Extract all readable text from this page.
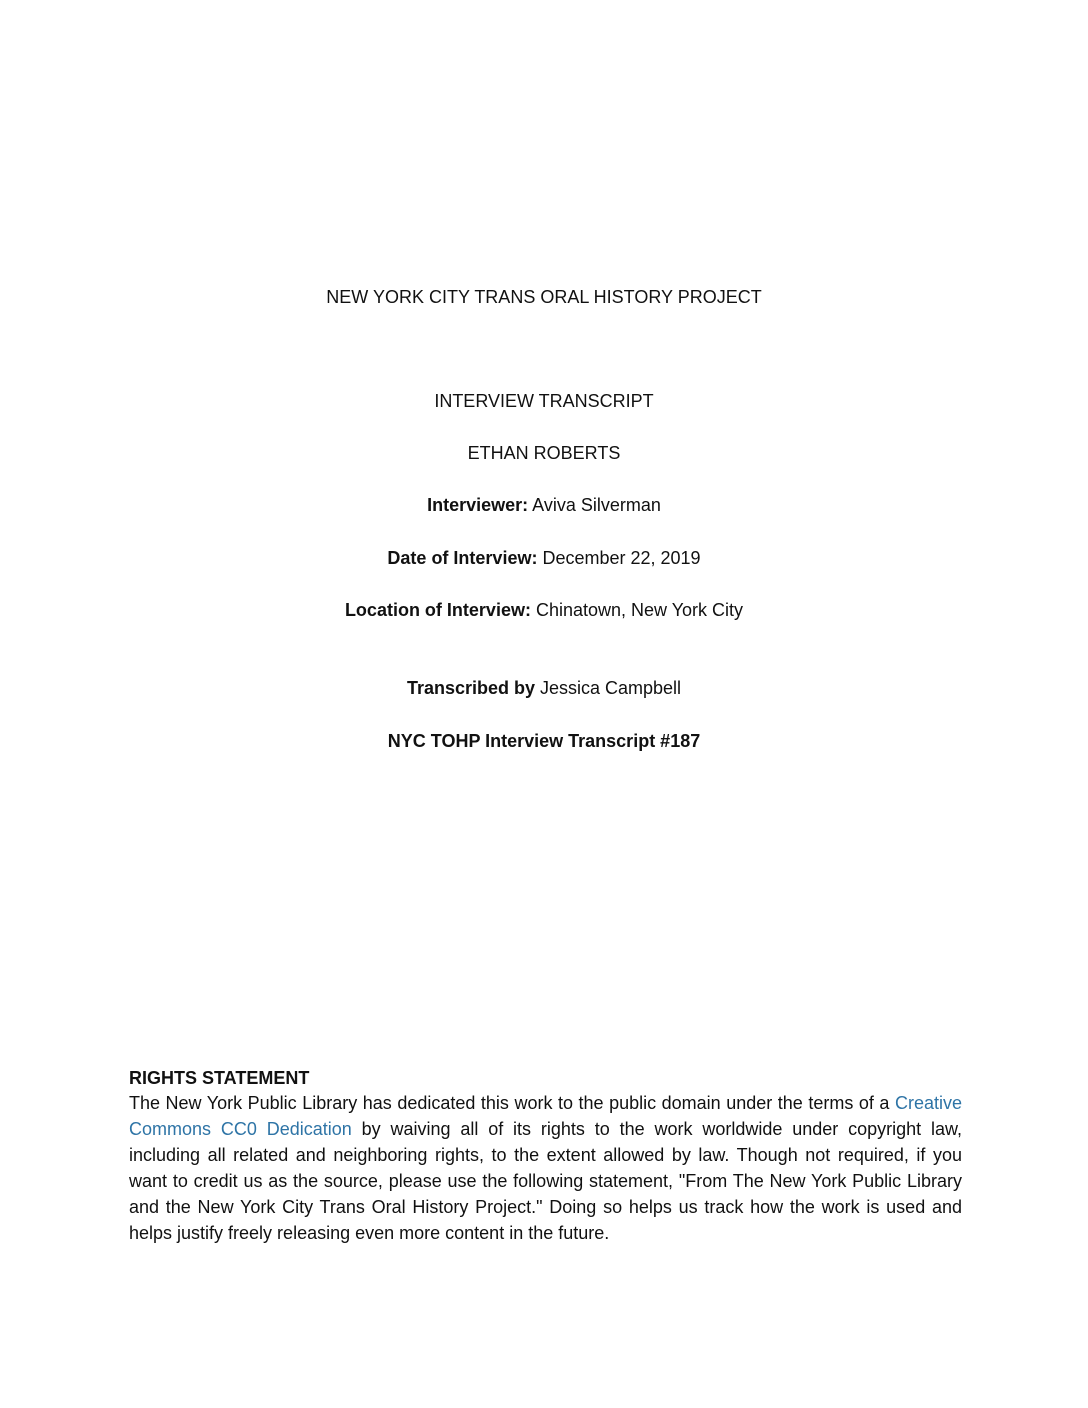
NEW YORK CITY TRANS ORAL HISTORY PROJECT
INTERVIEW TRANSCRIPT
ETHAN ROBERTS
Interviewer: Aviva Silverman
Date of Interview: December 22, 2019
Location of Interview: Chinatown, New York City
Transcribed by Jessica Campbell
NYC TOHP Interview Transcript #187
RIGHTS STATEMENT

The New York Public Library has dedicated this work to the public domain under the terms of a Creative Commons CC0 Dedication by waiving all of its rights to the work worldwide under copyright law, including all related and neighboring rights, to the extent allowed by law. Though not required, if you want to credit us as the source, please use the following statement, "From The New York Public Library and the New York City Trans Oral History Project." Doing so helps us track how the work is used and helps justify freely releasing even more content in the future.
